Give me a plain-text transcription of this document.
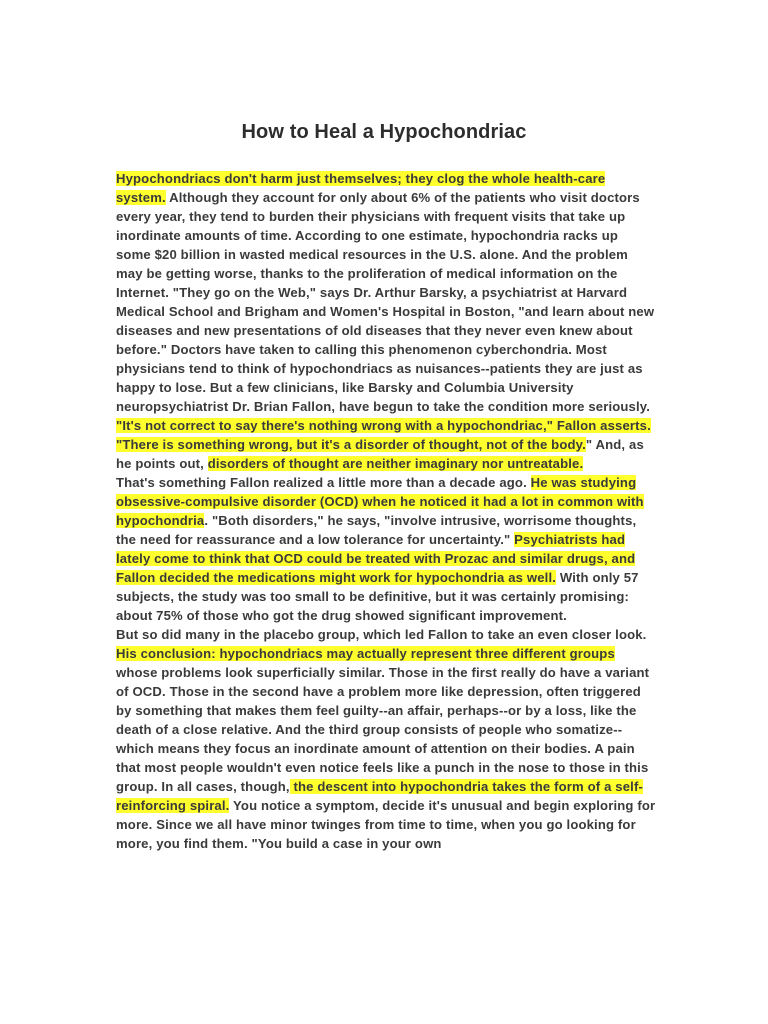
How to Heal a Hypochondriac

Hypochondriacs don't harm just themselves; they clog the whole health-care system. Although they account for only about 6% of the patients who visit doctors every year, they tend to burden their physicians with frequent visits that take up inordinate amounts of time. According to one estimate, hypochondria racks up some $20 billion in wasted medical resources in the U.S. alone. And the problem may be getting worse, thanks to the proliferation of medical information on the Internet. "They go on the Web," says Dr. Arthur Barsky, a psychiatrist at Harvard Medical School and Brigham and Women's Hospital in Boston, "and learn about new diseases and new presentations of old diseases that they never even knew about before." Doctors have taken to calling this phenomenon cyberchondria. Most physicians tend to think of hypochondriacs as nuisances--patients they are just as happy to lose. But a few clinicians, like Barsky and Columbia University neuropsychiatrist Dr. Brian Fallon, have begun to take the condition more seriously. "It's not correct to say there's nothing wrong with a hypochondriac," Fallon asserts. "There is something wrong, but it's a disorder of thought, not of the body." And, as he points out, disorders of thought are neither imaginary nor untreatable.

That's something Fallon realized a little more than a decade ago. He was studying obsessive-compulsive disorder (OCD) when he noticed it had a lot in common with hypochondria. "Both disorders," he says, "involve intrusive, worrisome thoughts, the need for reassurance and a low tolerance for uncertainty." Psychiatrists had lately come to think that OCD could be treated with Prozac and similar drugs, and Fallon decided the medications might work for hypochondria as well. With only 57 subjects, the study was too small to be definitive, but it was certainly promising: about 75% of those who got the drug showed significant improvement.

But so did many in the placebo group, which led Fallon to take an even closer look. His conclusion: hypochondriacs may actually represent three different groups whose problems look superficially similar. Those in the first really do have a variant of OCD. Those in the second have a problem more like depression, often triggered by something that makes them feel guilty--an affair, perhaps--or by a loss, like the death of a close relative. And the third group consists of people who somatize--which means they focus an inordinate amount of attention on their bodies. A pain that most people wouldn't even notice feels like a punch in the nose to those in this group. In all cases, though, the descent into hypochondria takes the form of a self-reinforcing spiral. You notice a symptom, decide it's unusual and begin exploring for more. Since we all have minor twinges from time to time, when you go looking for more, you find them. "You build a case in your own
